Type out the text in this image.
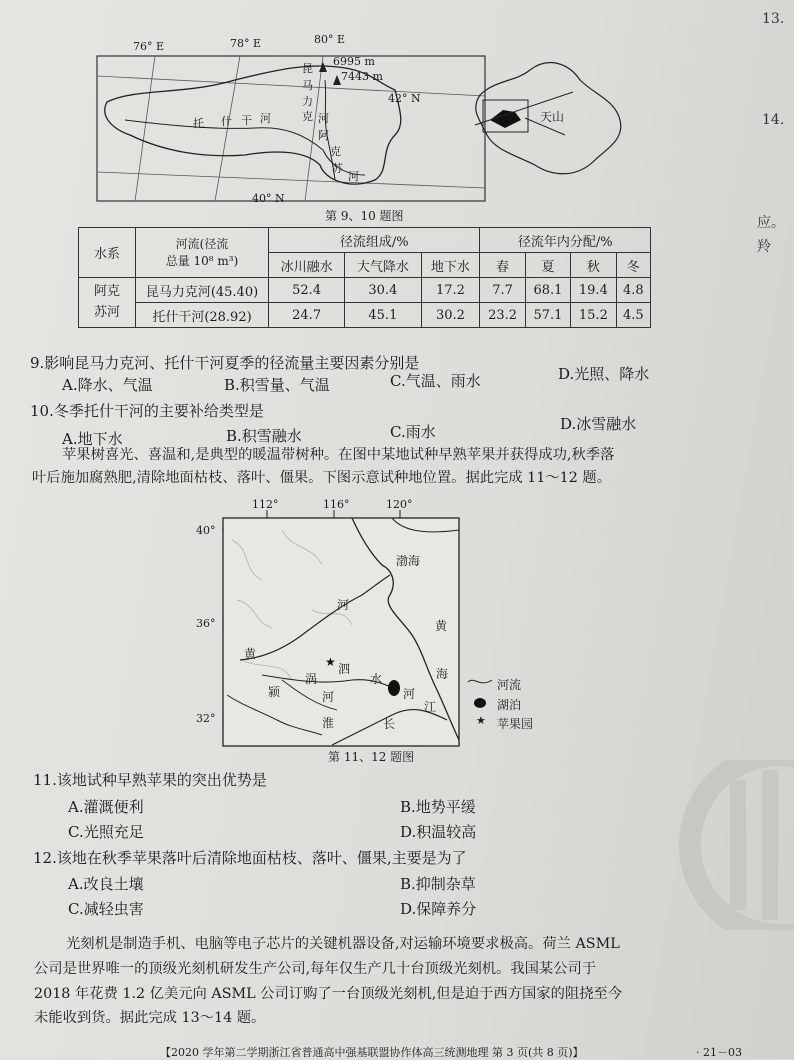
76° E	78° E	80° E
42° N
40° N
6995 m
7443 m
昆
马
力
克 河
托 什 干 河
阿
克
苏
河
天山
第 9、10 题图
水系	河流(径流
总量 10⁸ m³)	径流组成/%			径流年内分配/%			
		冰川融水	大气降水	地下水	春	夏	秋	冬
阿克
苏河	昆马力克河(45.40)	52.4	30.4	17.2	7.7	68.1	19.4	4.8
	托什干河(28.92)	24.7	45.1	30.2	23.2	57.1	15.2	4.5
9.影响昆马力克河、托什干河夏季的径流量主要因素分别是
A.降水、气温	B.积雪量、气温	C.气温、雨水	D.光照、降水
10.冬季托什干河的主要补给类型是
A.地下水	B.积雪融水	C.雨水	D.冰雪融水
苹果树喜光、喜温和,是典型的暖温带树种。在图中某地试种早熟苹果并获得成功,秋季落
叶后施加腐熟肥,清除地面枯枝、落叶、僵果。下图示意试种地位置。据此完成 11～12 题。
★
112°	116°	120°
40°
36°
32°
渤海
河
黄
黄
海
泗
水
涡
颍	河	河
淮	长
江
河流
湖泊
★ 苹果园
第 11、12 题图
11.该地试种早熟苹果的突出优势是
A.灌溉便利	B.地势平缓
C.光照充足	D.积温较高
12.该地在秋季苹果落叶后清除地面枯枝、落叶、僵果,主要是为了
A.改良土壤	B.抑制杂草
C.减轻虫害	D.保障养分
光刻机是制造手机、电脑等电子芯片的关键机器设备,对运输环境要求极高。荷兰 ASML
公司是世界唯一的顶级光刻机研发生产公司,每年仅生产几十台顶级光刻机。我国某公司于
2018 年花费 1.2 亿美元向 ASML 公司订购了一台顶级光刻机,但是迫于西方国家的阻挠至今
未能收到货。据此完成 13～14 题。
【2020 学年第二学期浙江省普通高中强基联盟协作体高三统测地理 第 3 页(共 8 页)】	· 21－03
13.
14.
应。
羚
